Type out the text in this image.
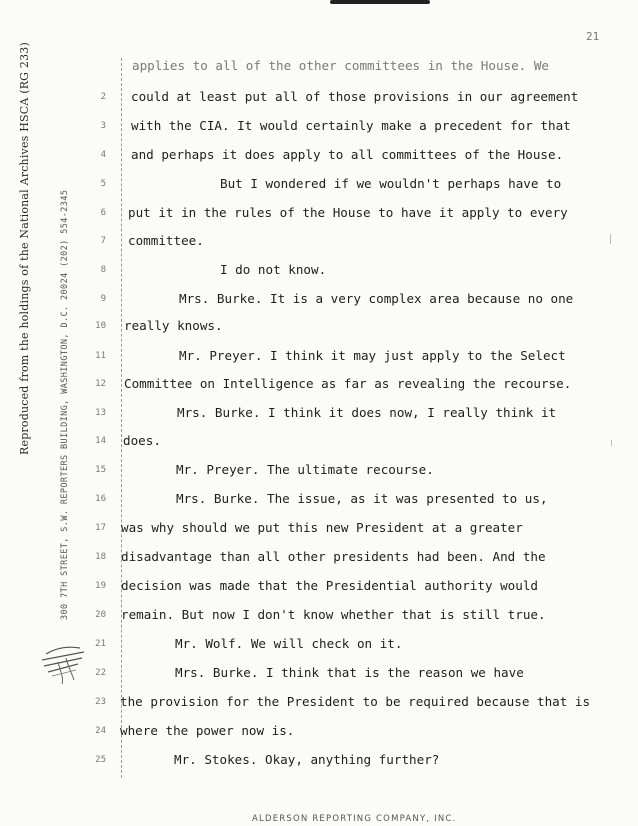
21
Reproduced from the holdings of the National Archives HSCA (RG 233)	300 7TH STREET, S.W. REPORTERS BUILDING, WASHINGTON, D.C. 20024 (202) 554-2345
applies to all of the other committees in the House. We
2 could at least put all of those provisions in our agreement
3 with the CIA. It would certainly make a precedent for that
4 and perhaps it does apply to all committees of the House.
5	But I wondered if we wouldn't perhaps have to
6 put it in the rules of the House to have it apply to every
7 committee.
8	I do not know.
9	Mrs. Burke. It is a very complex area because no one
10 really knows.
11	Mr. Preyer. I think it may just apply to the Select
12 Committee on Intelligence as far as revealing the recourse.
13	Mrs. Burke. I think it does now, I really think it
14 does.
15	Mr. Preyer. The ultimate recourse.
16	Mrs. Burke. The issue, as it was presented to us,
17 was why should we put this new President at a greater
18 disadvantage than all other presidents had been. And the
19 decision was made that the Presidential authority would
20 remain. But now I don't know whether that is still true.
21	Mr. Wolf. We will check on it.
22	Mrs. Burke. I think that is the reason we have
23 the provision for the President to be required because that is
24 where the power now is.
25	Mr. Stokes. Okay, anything further?
ALDERSON REPORTING COMPANY, INC.
